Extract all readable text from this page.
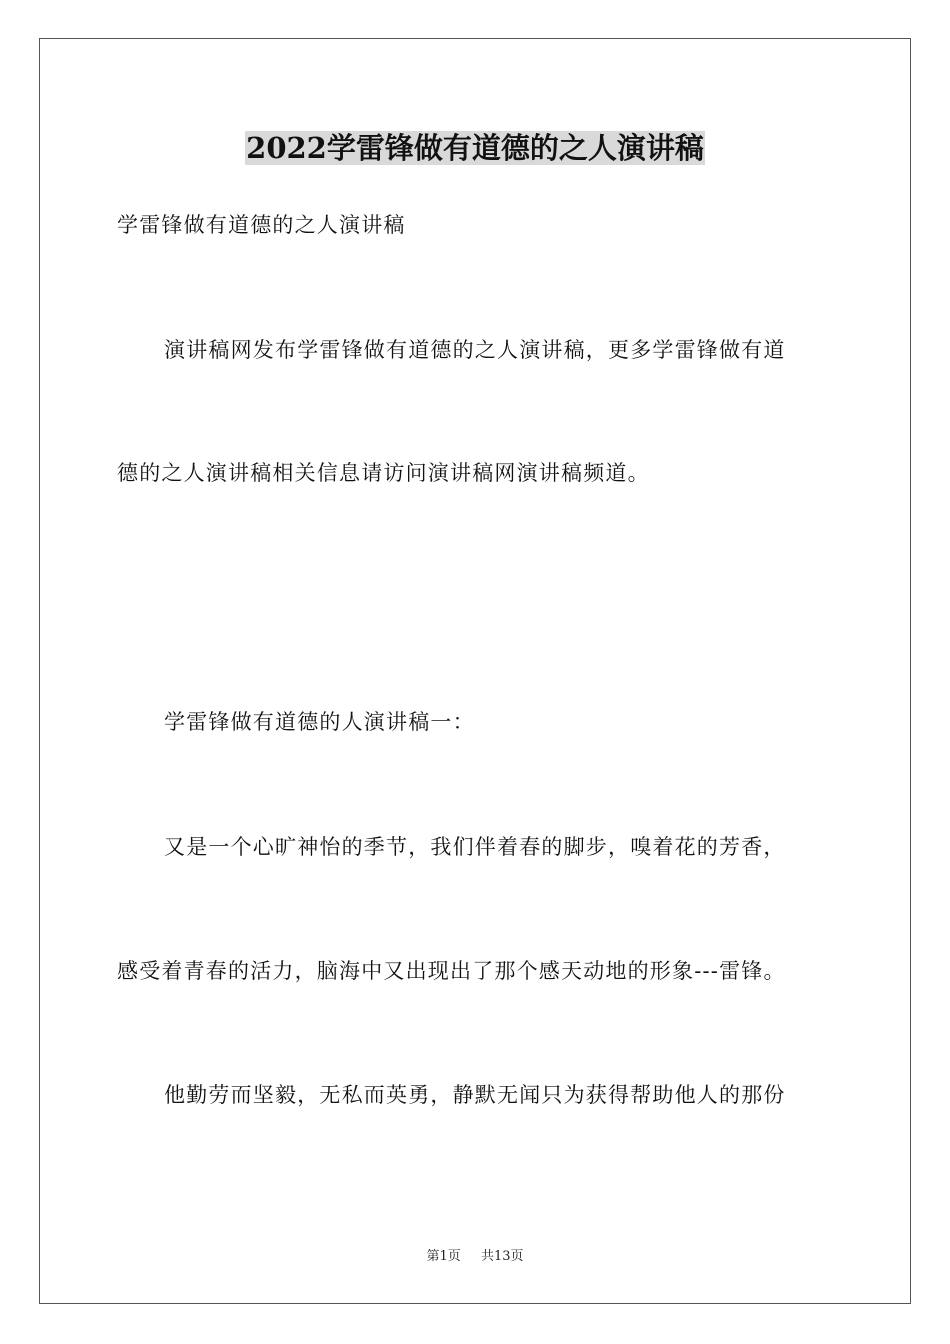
2022学雷锋做有道德的之人演讲稿
学雷锋做有道德的之人演讲稿
演讲稿网发布学雷锋做有道德的之人演讲稿，更多学雷锋做有道
德的之人演讲稿相关信息请访问演讲稿网演讲稿频道。
学雷锋做有道德的人演讲稿一：
又是一个心旷神怡的季节，我们伴着春的脚步，嗅着花的芳香，
感受着青春的活力，脑海中又出现出了那个感天动地的形象---雷锋。
他勤劳而坚毅，无私而英勇，静默无闻只为获得帮助他人的那份
第1页 共13页
